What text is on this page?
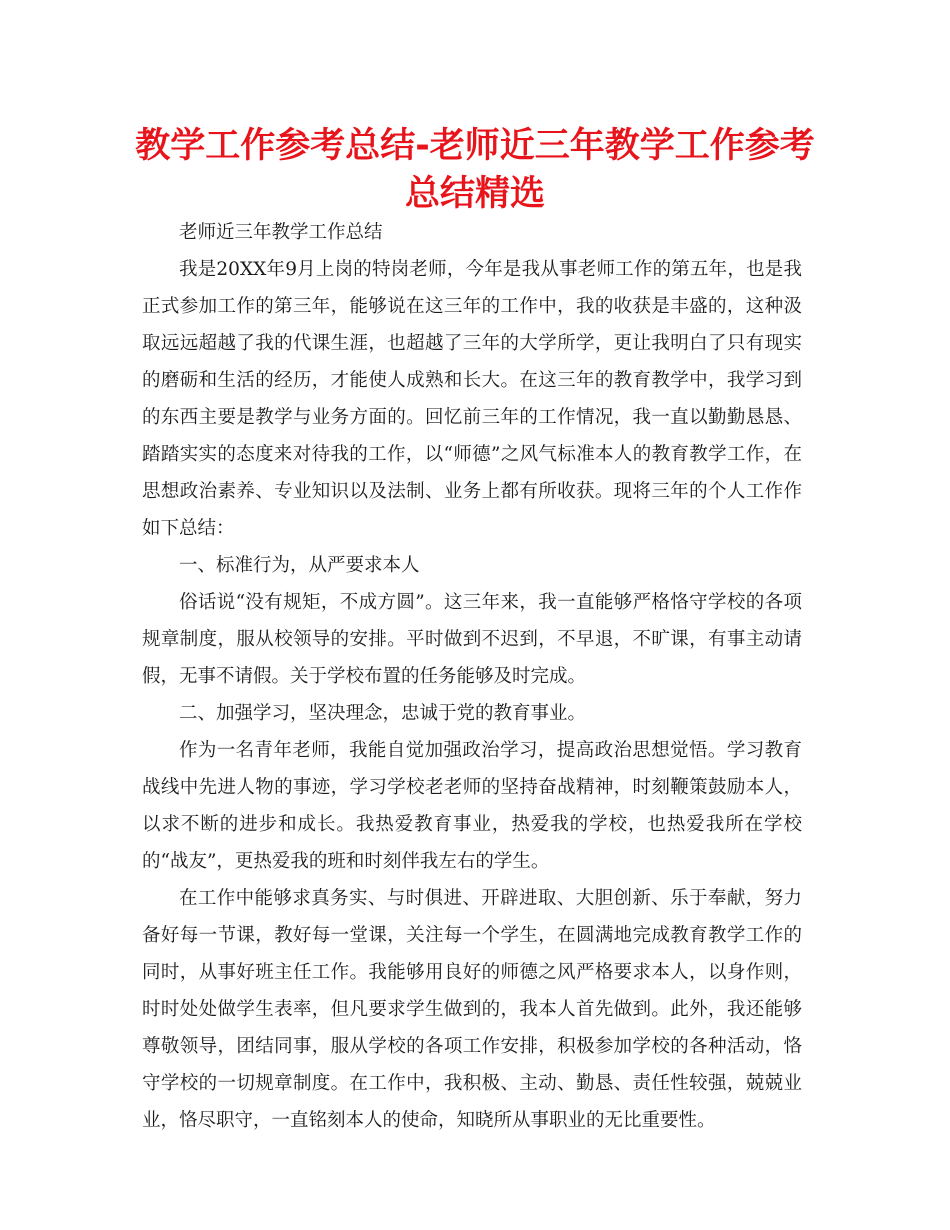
教学工作参考总结-老师近三年教学工作参考总结精选

老师近三年教学工作总结

我是20XX年9月上岗的特岗老师，今年是我从事老师工作的第五年，也是我正式参加工作的第三年，能够说在这三年的工作中，我的收获是丰盛的，这种汲取远远超越了我的代课生涯，也超越了三年的大学所学，更让我明白了只有现实的磨砺和生活的经历，才能使人成熟和长大。在这三年的教育教学中，我学习到的东西主要是教学与业务方面的。回忆前三年的工作情况，我一直以勤勤恳恳、踏踏实实的态度来对待我的工作，以“师德”之风气标准本人的教育教学工作，在思想政治素养、专业知识以及法制、业务上都有所收获。现将三年的个人工作作如下总结：

一、标准行为，从严要求本人

俗话说“没有规矩，不成方圆”。这三年来，我一直能够严格恪守学校的各项规章制度，服从校领导的安排。平时做到不迟到，不早退，不旷课，有事主动请假，无事不请假。关于学校布置的任务能够及时完成。

二、加强学习，坚决理念，忠诚于党的教育事业。

作为一名青年老师，我能自觉加强政治学习，提高政治思想觉悟。学习教育战线中先进人物的事迹，学习学校老老师的坚持奋战精神，时刻鞭策鼓励本人，以求不断的进步和成长。我热爱教育事业，热爱我的学校，也热爱我所在学校的“战友”，更热爱我的班和时刻伴我左右的学生。

在工作中能够求真务实、与时俱进、开辟进取、大胆创新、乐于奉献，努力备好每一节课，教好每一堂课，关注每一个学生，在圆满地完成教育教学工作的同时，从事好班主任工作。我能够用良好的师德之风严格要求本人，以身作则，时时处处做学生表率，但凡要求学生做到的，我本人首先做到。此外，我还能够尊敬领导，团结同事，服从学校的各项工作安排，积极参加学校的各种活动，恪守学校的一切规章制度。在工作中，我积极、主动、勤恳、责任性较强，兢兢业业，恪尽职守，一直铭刻本人的使命，知晓所从事职业的无比重要性。
